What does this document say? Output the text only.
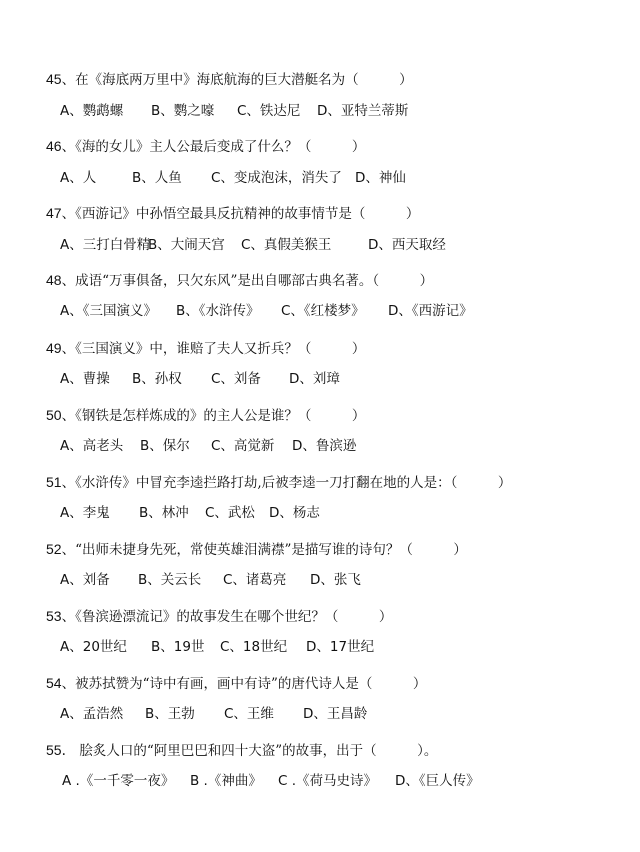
45、在《海底两万里中》海底航海的巨大潜艇名为（　　　）
A、鹦鹉螺 B、鹦之嚎 C、铁达尼 D、亚特兰蒂斯
46、《海的女儿》主人公最后变成了什么？（　　　）
A、人	B、人鱼 C、变成泡沫，消失了 D、神仙
47、《西游记》中孙悟空最具反抗精神的故事情节是（　　　）
A、三打白骨精
B、大闹天宫 C、真假美猴王	D、西天取经
48、成语“万事俱备，只欠东风”是出自哪部古典名著。（　　　）
A、《三国演义》 B、《水浒传》 C、《红楼梦》 D、《西游记》
49、《三国演义》中，谁赔了夫人又折兵？（　　　）
A、曹操 B、孙权 C、刘备 D、刘璋
50、《钢铁是怎样炼成的》的主人公是谁？（　　　）
A、高老头 B、保尔 C、高觉新 D、鲁滨逊
51、《水浒传》中冒充李逵拦路打劫,后被李逵一刀打翻在地的人是：（　　　）
A、李鬼 B、林冲 C、武松 D、杨志
52、“出师未捷身先死，常使英雄泪满襟”是描写谁的诗句？（　　　）
A、刘备 B、关云长 C、诸葛亮 D、张飞
53、《鲁滨逊漂流记》的故事发生在哪个世纪？（　　　）
A、20世纪 B、19世 C、18世纪 D、17世纪
54、被苏拭赞为“诗中有画，画中有诗”的唐代诗人是（　　　）
A、孟浩然 B、王勃 C、王维 D、王昌龄
55.　脍炙人口的“阿里巴巴和四十大盗”的故事，出于（　　　）。
A .《一千零一夜》 B .《神曲》 C .《荷马史诗》 D、《巨人传》
